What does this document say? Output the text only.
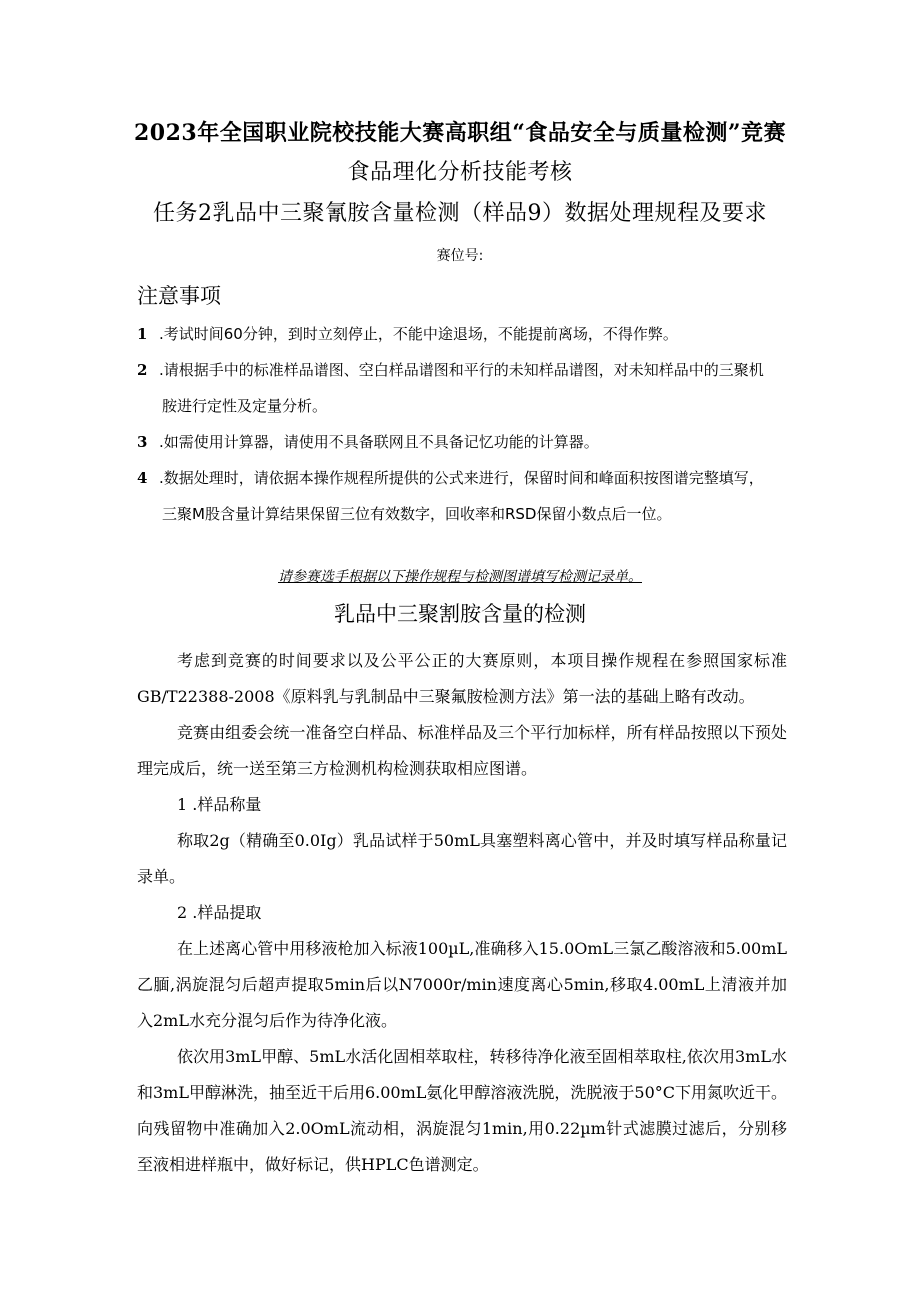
2023年全国职业院校技能大赛高职组“食品安全与质量检测”竞赛
食品理化分析技能考核
任务2乳品中三聚氰胺含量检测（样品9）数据处理规程及要求
赛位号:
注意事项
1 .考试时间60分钟，到时立刻停止，不能中途退场，不能提前离场，不得作弊。
2 .请根据手中的标准样品谱图、空白样品谱图和平行的未知样品谱图，对未知样品中的三聚机
胺进行定性及定量分析。
3 .如需使用计算器，请使用不具备联网且不具备记忆功能的计算器。
4 .数据处理时，请依据本操作规程所提供的公式来进行，保留时间和峰面积按图谱完整填写，
三聚M股含量计算结果保留三位有效数字，回收率和RSD保留小数点后一位。
请参赛选手根据以下操作规程与检测图谱填写检测记录单。
乳品中三聚割胺含量的检测
考虑到竞赛的时间要求以及公平公正的大赛原则，本项目操作规程在参照国家标准GB/T22388-2008《原料乳与乳制品中三聚氟胺检测方法》第一法的基础上略有改动。
竞赛由组委会统一准备空白样品、标准样品及三个平行加标样，所有样品按照以下预处理完成后，统一送至第三方检测机构检测获取相应图谱。
1 .样品称量
称取2g（精确至0.0Ig）乳品试样于50mL具塞塑料离心管中，并及时填写样品称量记录单。
2 .样品提取
在上述离心管中用移液枪加入标液100µL,准确移入15.0OmL三氯乙酸溶液和5.00mL乙腼,涡旋混匀后超声提取5min后以N7000r/min速度离心5min,移取4.00mL上清液并加入2mL水充分混匀后作为待净化液。
依次用3mL甲醇、5mL水活化固相萃取柱，转移待净化液至固相萃取柱,依次用3mL水和3mL甲醇淋洗，抽至近干后用6.00mL氨化甲醇溶液洗脱，洗脱液于50°C下用氮吹近干。向残留物中准确加入2.0OmL流动相，涡旋混匀1min,用0.22µm针式滤膜过滤后，分别移至液相进样瓶中，做好标记，供HPLC色谱测定。
